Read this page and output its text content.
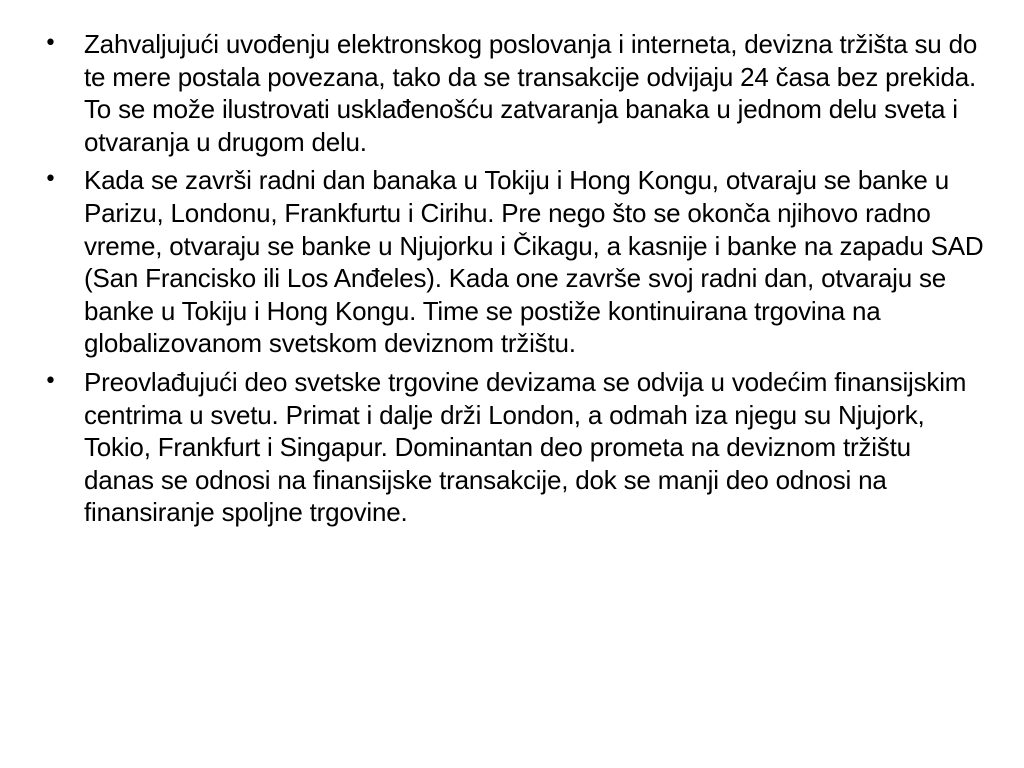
• Zahvaljujući uvođenju elektronskog poslovanja i interneta, devizna tržišta su do te mere postala povezana, tako da se transakcije odvijaju 24 časa bez prekida. To se može ilustrovati usklađenošću zatvaranja banaka u jednom delu sveta i otvaranja u drugom delu.
• Kada se završi radni dan banaka u Tokiju i Hong Kongu, otvaraju se banke u Parizu, Londonu, Frankfurtu i Cirihu. Pre nego što se okonča njihovo radno vreme, otvaraju se banke u Njujorku i Čikagu, a kasnije i banke na zapadu SAD (San Francisko ili Los Anđeles). Kada one završe svoj radni dan, otvaraju se banke u Tokiju i Hong Kongu. Time se postiže kontinuirana trgovina na globalizovanom svetskom deviznom tržištu.
• Preovlađujući deo svetske trgovine devizama se odvija u vodećim finansijskim centrima u svetu. Primat i dalje drži London, a odmah iza njegu su Njujork, Tokio, Frankfurt i Singapur. Dominantan deo prometa na deviznom tržištu danas se odnosi na finansijske transakcije, dok se manji deo odnosi na finansiranje spoljne trgovine.
